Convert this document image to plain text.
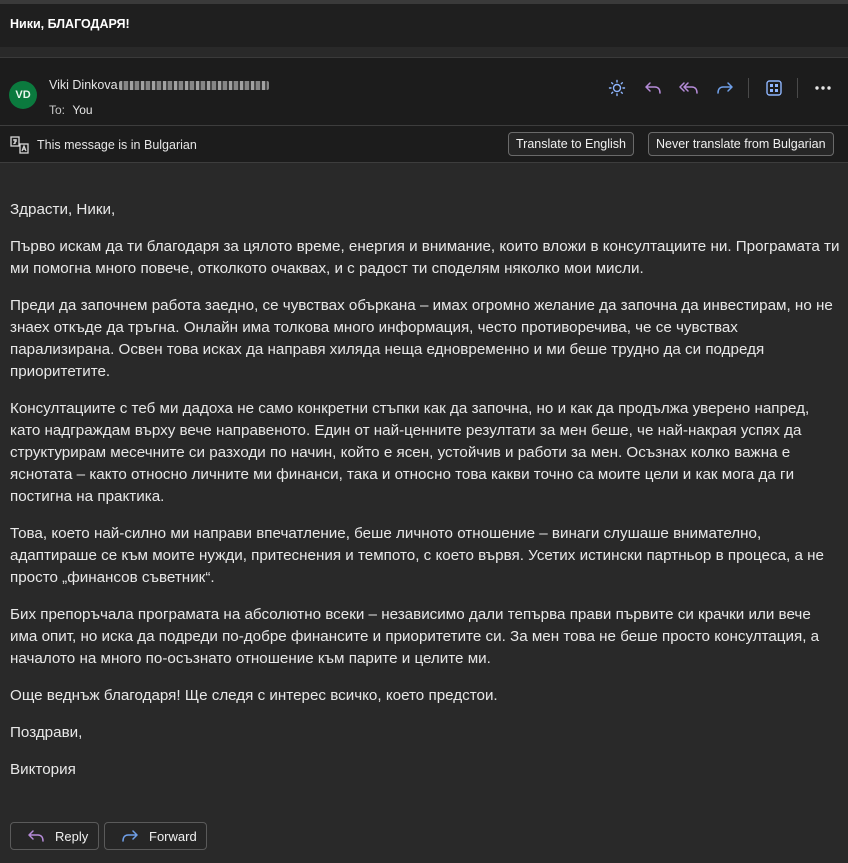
Ники, БЛАГОДАРЯ!
VD
Viki Dinkova
To: You
This message is in Bulgarian	Translate to English	Never translate from Bulgarian

Здрасти, Ники,

Първо искам да ти благодаря за цялото време, енергия и внимание, които вложи в консултациите ни. Програмата ти ми помогна много повече, отколкото очаквах, и с радост ти споделям няколко мои мисли.

Преди да започнем работа заедно, се чувствах объркана – имах огромно желание да започна да инвестирам, но не знаех откъде да тръгна. Онлайн има толкова много информация, често противоречива, че се чувствах парализирана. Освен това исках да направя хиляда неща едновременно и ми беше трудно да си подредя приоритетите.

Консултациите с теб ми дадоха не само конкретни стъпки как да започна, но и как да продължа уверено напред, като надграждам върху вече направеното. Един от най-ценните резултати за мен беше, че най-накрая успях да структурирам месечните си разходи по начин, който е ясен, устойчив и работи за мен. Осъзнах колко важна е яснотата – както относно личните ми финанси, така и относно това какви точно са моите цели и как мога да ги постигна на практика.

Това, което най-силно ми направи впечатление, беше личното отношение – винаги слушаше внимателно, адаптираше се към моите нужди, притеснения и темпото, с което вървя. Усетих истински партньор в процеса, а не просто „финансов съветник“.

Бих препоръчала програмата на абсолютно всеки – независимо дали тепърва прави първите си крачки или вече има опит, но иска да подреди по-добре финансите и приоритетите си. За мен това не беше просто консултация, а началото на много по-осъзнато отношение към парите и целите ми.

Още веднъж благодаря! Ще следя с интерес всичко, което предстои.

Поздрави,

Виктория

Reply	Forward
